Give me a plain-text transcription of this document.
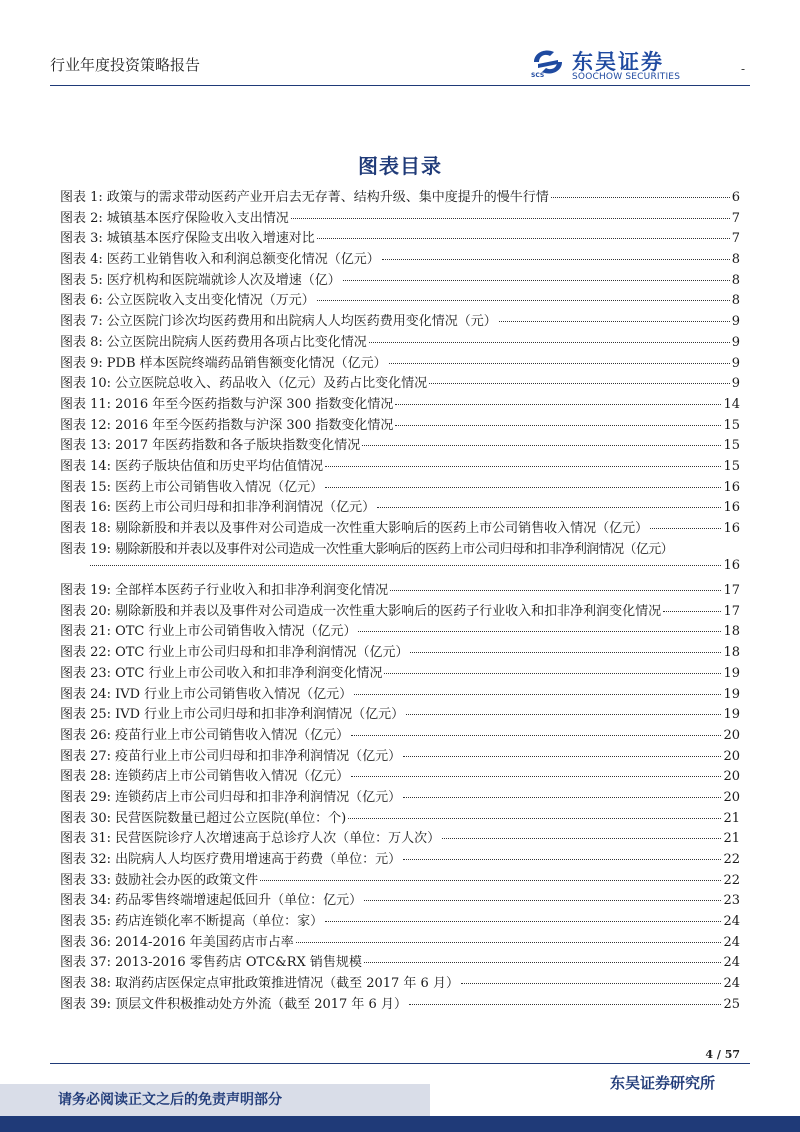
行业年度投资策略报告
SCS
东吴证券
SOOCHOW SECURITIES
-
图表目录
图表 1: 政策与的需求带动医药产业开启去无存菁、结构升级、集中度提升的慢牛行情	6
图表 2: 城镇基本医疗保险收入支出情况	7
图表 3: 城镇基本医疗保险支出收入增速对比	7
图表 4: 医药工业销售收入和利润总额变化情况（亿元）	8
图表 5: 医疗机构和医院端就诊人次及增速（亿）	8
图表 6: 公立医院收入支出变化情况（万元）	8
图表 7: 公立医院门诊次均医药费用和出院病人人均医药费用变化情况（元）	9
图表 8: 公立医院出院病人医药费用各项占比变化情况	9
图表 9: PDB 样本医院终端药品销售额变化情况（亿元）	9
图表 10: 公立医院总收入、药品收入（亿元）及药占比变化情况	9
图表 11: 2016 年至今医药指数与沪深 300 指数变化情况	14
图表 12: 2016 年至今医药指数与沪深 300 指数变化情况	15
图表 13: 2017 年医药指数和各子版块指数变化情况	15
图表 14: 医药子版块估值和历史平均估值情况	15
图表 15: 医药上市公司销售收入情况（亿元）	16
图表 16: 医药上市公司归母和扣非净利润情况（亿元）	16
图表 18: 剔除新股和并表以及事件对公司造成一次性重大影响后的医药上市公司销售收入情况（亿元）	16
图表 19: 剔除新股和并表以及事件对公司造成一次性重大影响后的医药上市公司归母和扣非净利润情况（亿元）
16
图表 19: 全部样本医药子行业收入和扣非净利润变化情况	17
图表 20: 剔除新股和并表以及事件对公司造成一次性重大影响后的医药子行业收入和扣非净利润变化情况	17
图表 21: OTC 行业上市公司销售收入情况（亿元）	18
图表 22: OTC 行业上市公司归母和扣非净利润情况（亿元）	18
图表 23: OTC 行业上市公司收入和扣非净利润变化情况	19
图表 24: IVD 行业上市公司销售收入情况（亿元）	19
图表 25: IVD 行业上市公司归母和扣非净利润情况（亿元）	19
图表 26: 疫苗行业上市公司销售收入情况（亿元）	20
图表 27: 疫苗行业上市公司归母和扣非净利润情况（亿元）	20
图表 28: 连锁药店上市公司销售收入情况（亿元）	20
图表 29: 连锁药店上市公司归母和扣非净利润情况（亿元）	20
图表 30: 民营医院数量已超过公立医院(单位：个)	21
图表 31: 民营医院诊疗人次增速高于总诊疗人次（单位：万人次）	21
图表 32: 出院病人人均医疗费用增速高于药费（单位：元）	22
图表 33: 鼓励社会办医的政策文件	22
图表 34: 药品零售终端增速起低回升（单位：亿元）	23
图表 35: 药店连锁化率不断提高（单位：家）	24
图表 36: 2014-2016 年美国药店市占率	24
图表 37: 2013-2016 零售药店 OTC&RX 销售规模	24
图表 38: 取消药店医保定点审批政策推进情况（截至 2017 年 6 月）	24
图表 39: 顶层文件积极推动处方外流（截至 2017 年 6 月）	25
4 / 57
东吴证券研究所
请务必阅读正文之后的免责声明部分
